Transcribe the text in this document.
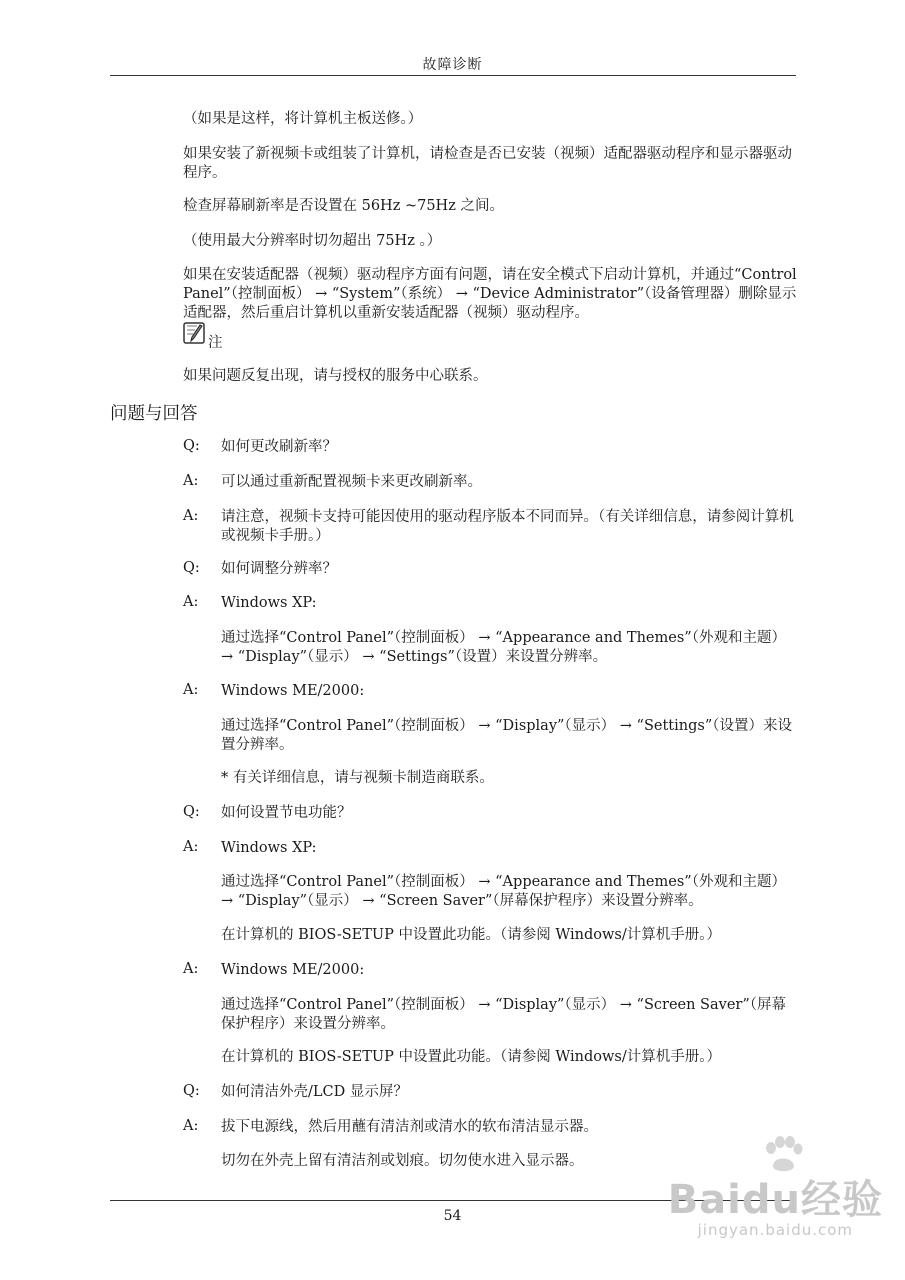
故障诊断
（如果是这样，将计算机主板送修。）
如果安装了新视频卡或组装了计算机，请检查是否已安装（视频）适配器驱动程序和显示器驱动程序。
检查屏幕刷新率是否设置在 56Hz ~75Hz 之间。
（使用最大分辨率时切勿超出 75Hz 。）
如果在安装适配器（视频）驱动程序方面有问题，请在安全模式下启动计算机，并通过“Control Panel”（控制面板） → “System”（系统） → “Device Administrator”（设备管理器）删除显示适配器，然后重启计算机以重新安装适配器（视频）驱动程序。
注
如果问题反复出现，请与授权的服务中心联系。
问题与回答
Q: 如何更改刷新率？
A: 可以通过重新配置视频卡来更改刷新率。
A: 请注意，视频卡支持可能因使用的驱动程序版本不同而异。（有关详细信息，请参阅计算机或视频卡手册。）
Q: 如何调整分辨率？
A: Windows XP:
通过选择“Control Panel”（控制面板） → “Appearance and Themes”（外观和主题） → “Display”（显示） → “Settings”（设置）来设置分辨率。
A: Windows ME/2000:
通过选择“Control Panel”（控制面板） → “Display”（显示） → “Settings”（设置）来设置分辨率。
* 有关详细信息，请与视频卡制造商联系。
Q: 如何设置节电功能？
A: Windows XP:
通过选择“Control Panel”（控制面板） → “Appearance and Themes”（外观和主题） → “Display”（显示） → “Screen Saver”（屏幕保护程序）来设置分辨率。
在计算机的 BIOS-SETUP 中设置此功能。（请参阅 Windows/计算机手册。）
A: Windows ME/2000:
通过选择“Control Panel”（控制面板） → “Display”（显示） → “Screen Saver”（屏幕保护程序）来设置分辨率。
在计算机的 BIOS-SETUP 中设置此功能。（请参阅 Windows/计算机手册。）
Q: 如何清洁外壳/LCD 显示屏？
A: 拔下电源线，然后用蘸有清洁剂或清水的软布清洁显示器。
切勿在外壳上留有清洁剂或划痕。切勿使水进入显示器。
54	Baidu经验
jingyan.baidu.com
